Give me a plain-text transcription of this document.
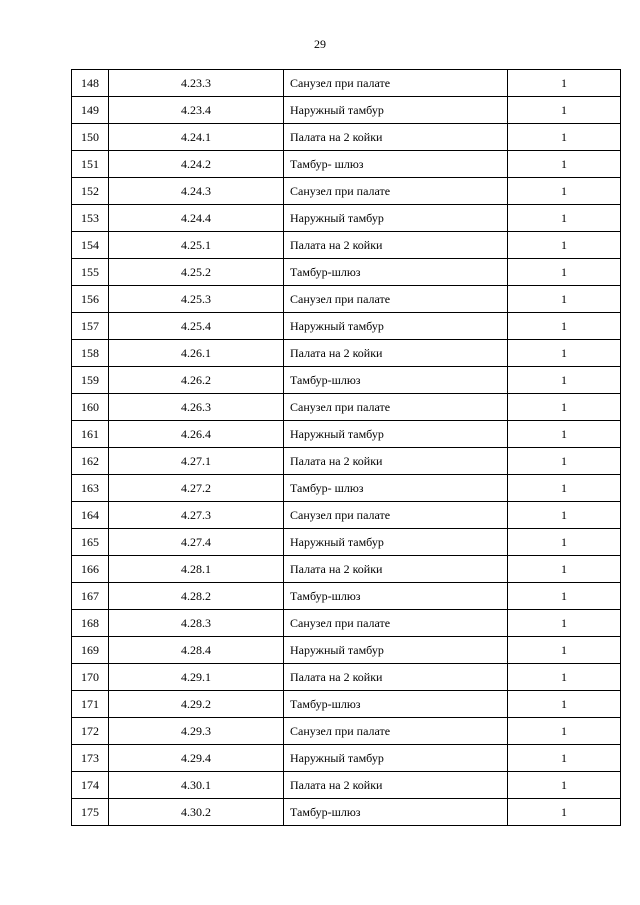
29
148	4.23.3	Санузел при палате	1
149	4.23.4	Наружный тамбур	1
150	4.24.1	Палата на 2 койки	1
151	4.24.2	Тамбур- шлюз	1
152	4.24.3	Санузел при палате	1
153	4.24.4	Наружный тамбур	1
154	4.25.1	Палата на 2 койки	1
155	4.25.2	Тамбур-шлюз	1
156	4.25.3	Санузел при палате	1
157	4.25.4	Наружный тамбур	1
158	4.26.1	Палата на 2 койки	1
159	4.26.2	Тамбур-шлюз	1
160	4.26.3	Санузел при палате	1
161	4.26.4	Наружный тамбур	1
162	4.27.1	Палата на 2 койки	1
163	4.27.2	Тамбур- шлюз	1
164	4.27.3	Санузел при палате	1
165	4.27.4	Наружный тамбур	1
166	4.28.1	Палата на 2 койки	1
167	4.28.2	Тамбур-шлюз	1
168	4.28.3	Санузел при палате	1
169	4.28.4	Наружный тамбур	1
170	4.29.1	Палата на 2 койки	1
171	4.29.2	Тамбур-шлюз	1
172	4.29.3	Санузел при палате	1
173	4.29.4	Наружный тамбур	1
174	4.30.1	Палата на 2 койки	1
175	4.30.2	Тамбур-шлюз	1
